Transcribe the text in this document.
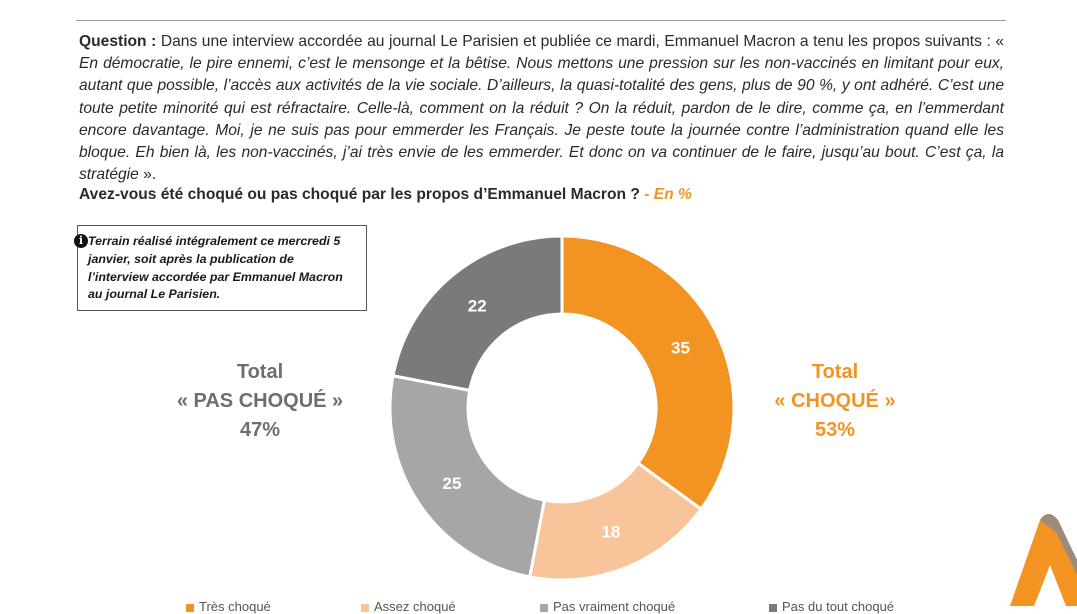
Question : Dans une interview accordée au journal Le Parisien et publiée ce mardi, Emmanuel Macron a tenu les propos suivants : « En démocratie, le pire ennemi, c’est le mensonge et la bêtise. Nous mettons une pression sur les non-vaccinés en limitant pour eux, autant que possible, l’accès aux activités de la vie sociale. D’ailleurs, la quasi-totalité des gens, plus de 90 %, y ont adhéré. C’est une toute petite minorité qui est réfractaire. Celle-là, comment on la réduit ? On la réduit, pardon de le dire, comme ça, en l’emmerdant encore davantage. Moi, je ne suis pas pour emmerder les Français. Je peste toute la journée contre l’administration quand elle les bloque. Eh bien là, les non-vaccinés, j’ai très envie de les emmerder. Et donc on va continuer de le faire, jusqu’au bout. C’est ça, la stratégie ».
Avez-vous été choqué ou pas choqué par les propos d’Emmanuel Macron ? - En %
i Terrain réalisé intégralement ce mercredi 5 janvier, soit après la publication de l’interview accordée par Emmanuel Macron au journal Le Parisien.
35
18
25
22
Total
« PAS CHOQUÉ »
47%
Total
« CHOQUÉ »
53%
Très choqué	Assez choqué	Pas vraiment choqué	Pas du tout choqué
